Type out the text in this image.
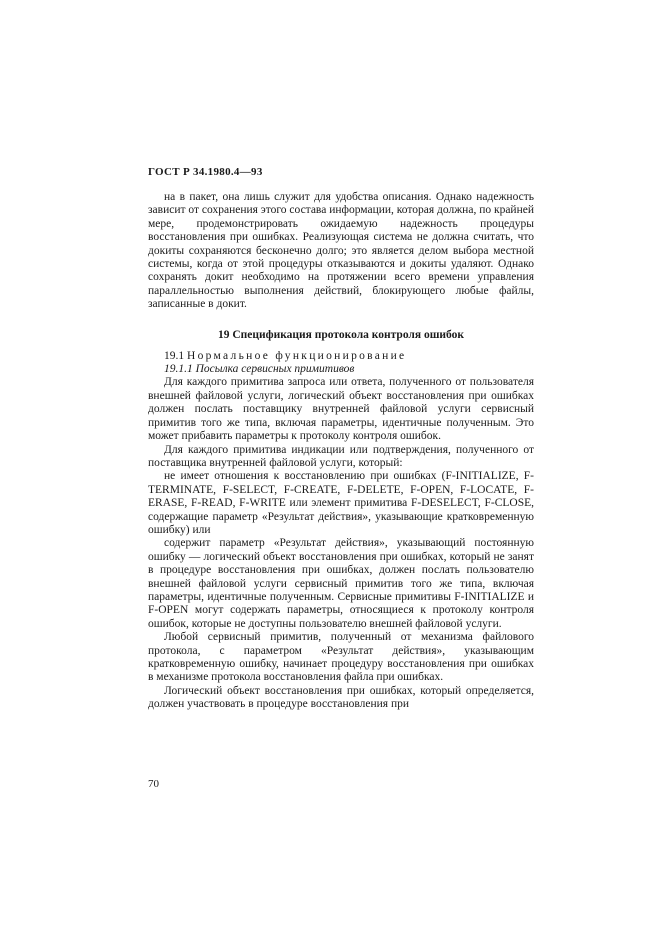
ГОСТ Р 34.1980.4—93

на в пакет, она лишь служит для удобства описания. Однако надежность зависит от сохранения этого состава информации, которая должна, по крайней мере, продемонстрировать ожидаемую надежность процедуры восстановления при ошибках. Реализующая система не должна считать, что докиты сохраняются бесконечно долго; это является делом выбора местной системы, когда от этой процедуры отказываются и докиты удаляют. Однако сохранять докит необходимо на протяжении всего времени управления параллельностью выполнения действий, блокирующего любые файлы, записанные в докит.

19 Спецификация протокола контроля ошибок

19.1 Нормальное функционирование

19.1.1 Посылка сервисных примитивов

Для каждого примитива запроса или ответа, полученного от пользователя внешней файловой услуги, логический объект восстановления при ошибках должен послать поставщику внутренней файловой услуги сервисный примитив того же типа, включая параметры, идентичные полученным. Это может прибавить параметры к протоколу контроля ошибок.

Для каждого примитива индикации или подтверждения, полученного от поставщика внутренней файловой услуги, который:

не имеет отношения к восстановлению при ошибках (F-INITIALIZE, F-TERMINATE, F-SELECT, F-CREATE, F-DELETE, F-OPEN, F-LOCATE, F-ERASE, F-READ, F-WRITE или элемент примитива F-DESELECT, F-CLOSE, содержащие параметр «Результат действия», указывающие кратковременную ошибку) или

содержит параметр «Результат действия», указывающий постоянную ошибку — логический объект восстановления при ошибках, который не занят в процедуре восстановления при ошибках, должен послать пользователю внешней файловой услуги сервисный примитив того же типа, включая параметры, идентичные полученным. Сервисные примитивы F-INITIALIZE и F-OPEN могут содержать параметры, относящиеся к протоколу контроля ошибок, которые не доступны пользователю внешней файловой услуги.

Любой сервисный примитив, полученный от механизма файлового протокола, с параметром «Результат действия», указывающим кратковременную ошибку, начинает процедуру восстановления при ошибках в механизме протокола восстановления файла при ошибках.

Логический объект восстановления при ошибках, который определяется, должен участвовать в процедуре восстановления при

70
